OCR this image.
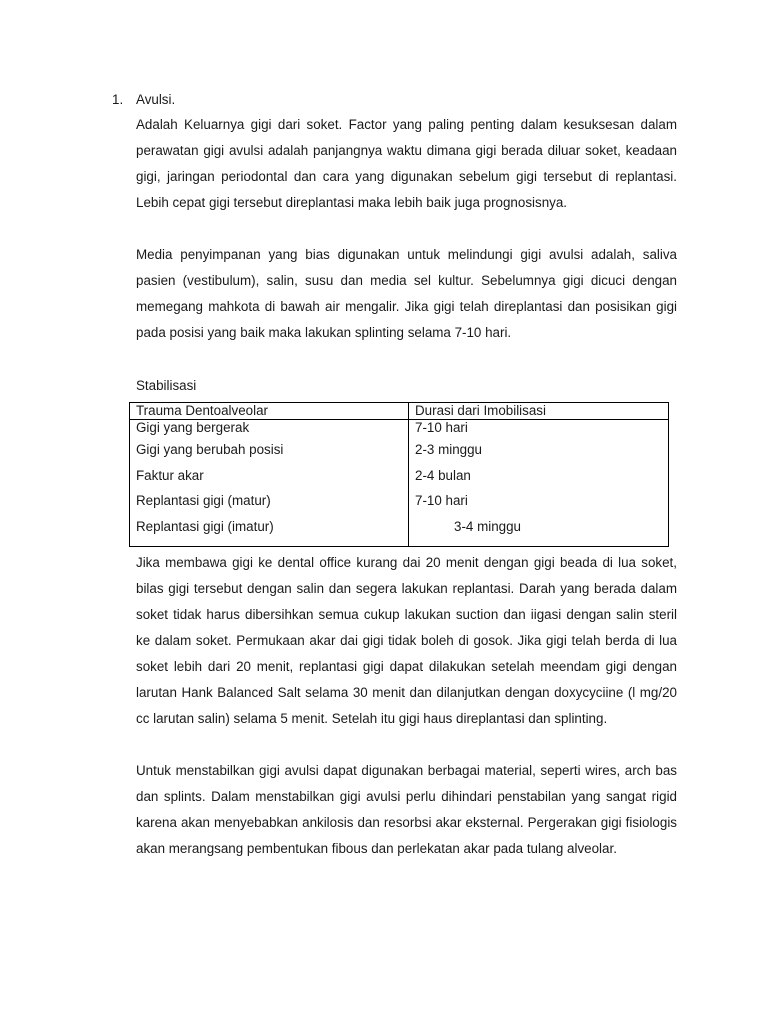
1. Avulsi.

Adalah Keluarnya gigi dari soket. Factor yang paling penting dalam kesuksesan dalam perawatan gigi avulsi adalah panjangnya waktu dimana gigi berada diluar soket, keadaan gigi, jaringan periodontal dan cara yang digunakan sebelum gigi tersebut di replantasi. Lebih cepat gigi tersebut direplantasi maka lebih baik juga prognosisnya.

Media penyimpanan yang bias digunakan untuk melindungi gigi avulsi adalah, saliva pasien (vestibulum), salin, susu dan media sel kultur. Sebelumnya gigi dicuci dengan memegang mahkota di bawah air mengalir. Jika gigi telah direplantasi dan posisikan gigi pada posisi yang baik maka lakukan splinting selama 7-10 hari.

Stabilisasi
Trauma Dentoalveolar	Durasi dari Imobilisasi
Gigi yang bergerak	7-10 hari
Gigi yang berubah posisi	2-3 minggu
Faktur akar	2-4 bulan
Replantasi gigi (matur)	7-10 hari
Replantasi gigi (imatur)	3-4 minggu

Jika membawa gigi ke dental office kurang dai 20 menit dengan gigi beada di lua soket, bilas gigi tersebut dengan salin dan segera lakukan replantasi. Darah yang berada dalam soket tidak harus dibersihkan semua cukup lakukan suction dan iigasi dengan salin steril ke dalam soket. Permukaan akar dai gigi tidak boleh di gosok. Jika gigi telah berda di lua soket lebih dari 20 menit, replantasi gigi dapat dilakukan setelah meendam gigi dengan larutan Hank Balanced Salt selama 30 menit dan dilanjutkan dengan doxycyciine (l mg/20 cc larutan salin) selama 5 menit. Setelah itu gigi haus direplantasi dan splinting.

Untuk menstabilkan gigi avulsi dapat digunakan berbagai material, seperti wires, arch bas dan splints. Dalam menstabilkan gigi avulsi perlu dihindari penstabilan yang sangat rigid karena akan menyebabkan ankilosis dan resorbsi akar eksternal. Pergerakan gigi fisiologis akan merangsang pembentukan fibous dan perlekatan akar pada tulang alveolar.
